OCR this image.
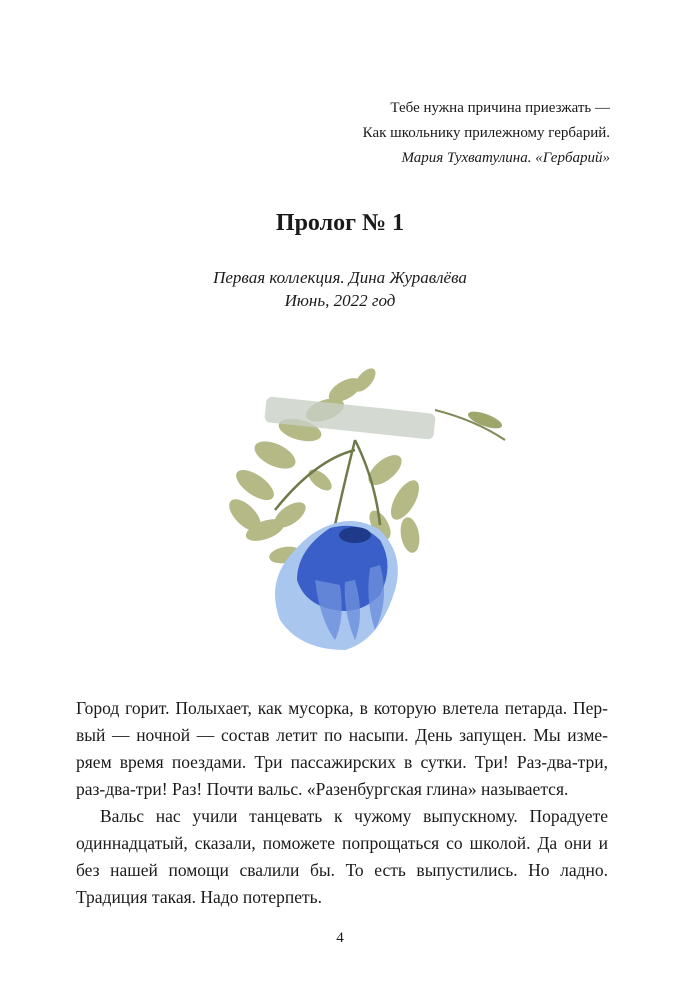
Тебе нужна причина приезжать —
Как школьнику прилежному гербарий.
Мария Тухватулина. «Гербарий»
Пролог № 1
Первая коллекция. Дина Журавлёва
Июнь, 2022 год

Город горит. Полыхает, как мусорка, в которую влетела петарда. Пер- вый — ночной — состав летит по насыпи. День запущен. Мы изме- ряем время поездами. Три пассажирских в сутки. Три! Раз-два-три, раз-два-три! Раз! Почти вальс. «Разенбургская глина» называется.

Вальс нас учили танцевать к чужому выпускному. Порадуете одиннадцатый, сказали, поможете попрощаться со школой. Да они и без нашей помощи свалили бы. То есть выпустились. Но ладно. Традиция такая. Надо потерпеть.

4
